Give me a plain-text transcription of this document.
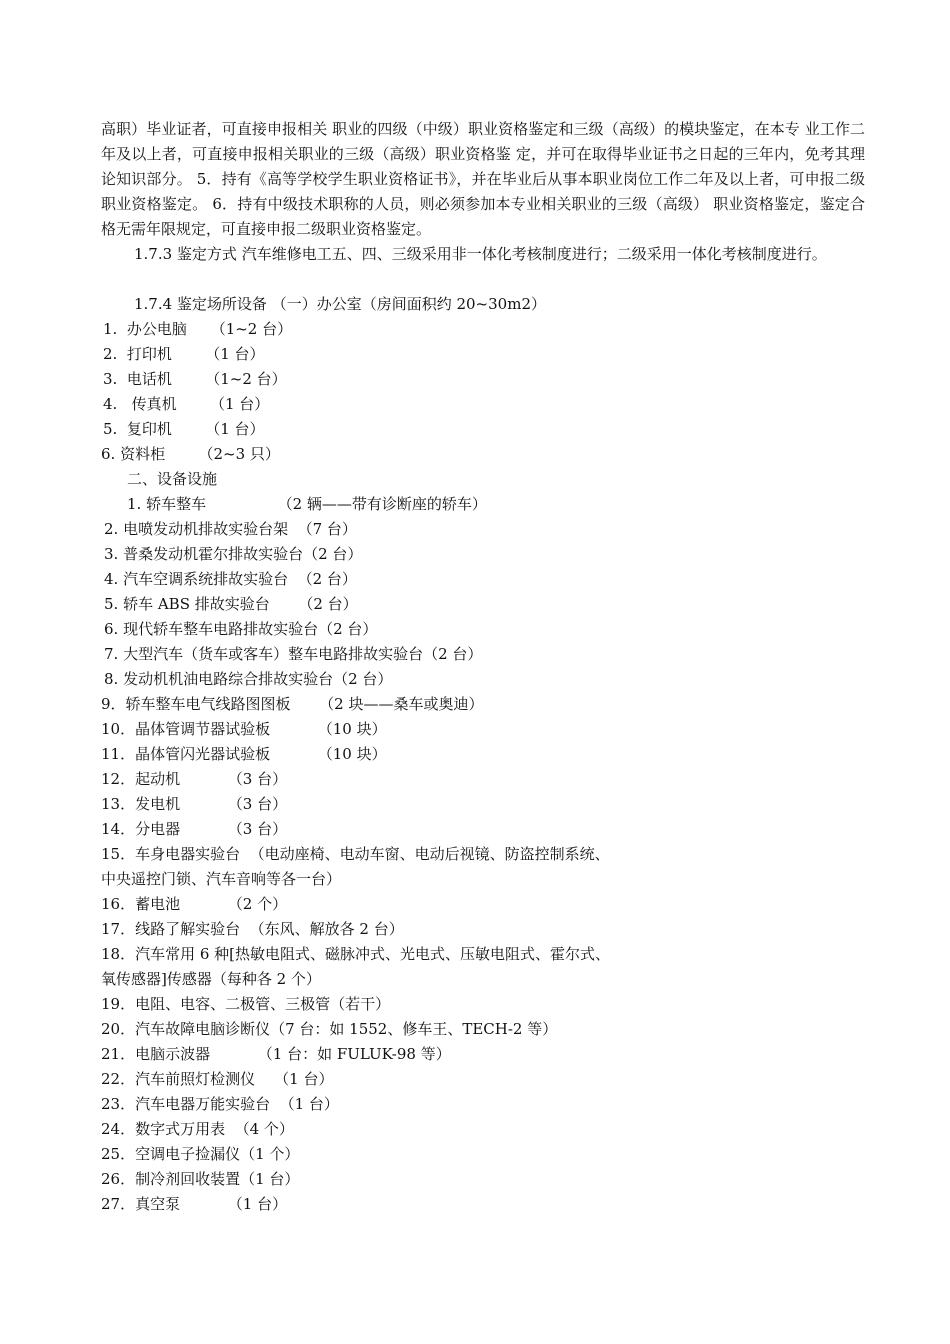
高职）毕业证者，可直接申报相关 职业的四级（中级）职业资格鉴定和三级（高级）的模块鉴定，在本专 业工作二年及以上者，可直接申报相关职业的三级（高级）职业资格鉴 定，并可在取得毕业证书之日起的三年内，免考其理论知识部分。 5．持有《高等学校学生职业资格证书》，并在毕业后从事本职业岗位工作二年及以上者，可申报二级职业资格鉴定。 6．持有中级技术职称的人员，则必须参加本专业相关职业的三级（高级） 职业资格鉴定，鉴定合格无需年限规定，可直接申报二级职业资格鉴定。

1.7.3 鉴定方式 汽车维修电工五、四、三级采用非一体化考核制度进行；二级采用一体化考核制度进行。

1.7.4 鉴定场所设备 （一）办公室（房间面积约 20~30m2）
1.  办公电脑     （1~2 台）
2.  打印机       （1 台）
3.  电话机       （1~2 台）
4.   传真机       （1 台）
5.  复印机       （1 台）
6. 资料柜       （2~3 只）
二、设备设施
1. 轿车整车               （2 辆——带有诊断座的轿车）
2. 电喷发动机排故实验台架  （7 台）
3. 普桑发动机霍尔排故实验台（2 台）
4. 汽车空调系统排故实验台  （2 台）
5. 轿车 ABS 排故实验台      （2 台）
6. 现代轿车整车电路排故实验台（2 台）
7. 大型汽车（货车或客车）整车电路排故实验台（2 台）
8. 发动机机油电路综合排故实验台（2 台）
9．轿车整车电气线路图图板      （2 块——桑车或奥迪）
10．晶体管调节器试验板          （10 块）
11．晶体管闪光器试验板          （10 块）
12．起动机          （3 台）
13．发电机          （3 台）
14．分电器          （3 台）
15．车身电器实验台  （电动座椅、电动车窗、电动后视镜、防盗控制系统、
中央遥控门锁、汽车音响等各一台）
16．蓄电池          （2 个）
17．线路了解实验台  （东风、解放各 2 台）
18．汽车常用 6 种[热敏电阻式、磁脉冲式、光电式、压敏电阻式、霍尔式、
氧传感器]传感器（每种各 2 个）
19．电阻、电容、二极管、三极管（若干）
20．汽车故障电脑诊断仪（7 台：如 1552、修车王、TECH-2 等）
21．电脑示波器          （1 台：如 FULUK-98 等）
22．汽车前照灯检测仪    （1 台）
23．汽车电器万能实验台  （1 台）
24．数字式万用表  （4 个）
25．空调电子捡漏仪（1 个）
26．制冷剂回收装置（1 台）
27．真空泵          （1 台）
